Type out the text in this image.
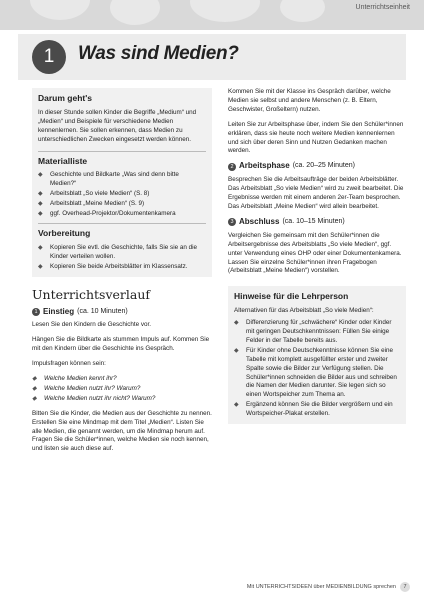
Unterrichtseinheit
1	Was sind Medien?
Darum geht's

In dieser Stunde sollen Kinder die Begriffe „Medium“ und „Medien“ und Beispiele für verschiedene Medien kennenlernen. Sie sollen erkennen, dass Medien zu unterschiedlichen Zwecken eingesetzt werden können.

Materialliste
◆ Geschichte und Bildkarte „Was sind denn bitte Medien?“
◆ Arbeitsblatt „So viele Medien“ (S. 8)
◆ Arbeitsblatt „Meine Medien“ (S. 9)
◆ ggf. Overhead-Projektor/Dokumentenkamera
Vorbereitung
◆ Kopieren Sie evtl. die Geschichte, falls Sie sie an die Kinder verteilen wollen.
◆ Kopieren Sie beide Arbeitsblätter im Klassensatz.
Unterrichtsverlauf
1 Einstieg (ca. 10 Minuten)

Lesen Sie den Kindern die Geschichte vor.

Hängen Sie die Bildkarte als stummen Impuls auf. Kommen Sie mit den Kindern über die Geschichte ins Gespräch.

Impulsfragen können sein:

◆ Welche Medien kennt ihr?
◆ Welche Medien nutzt ihr? Warum?
◆ Welche Medien nutzt ihr nicht? Warum?

Bitten Sie die Kinder, die Medien aus der Geschichte zu nennen. Erstellen Sie eine Mindmap mit dem Titel „Medien“. Listen Sie alle Medien, die genannt werden, um die Mindmap herum auf. Fragen Sie die Schüler*innen, welche Medien sie noch kennen, und listen sie auch diese auf.

Kommen Sie mit der Klasse ins Gespräch darüber, welche Medien sie selbst und andere Menschen (z. B. Eltern, Geschwister, Großeltern) nutzen.

Leiten Sie zur Arbeitsphase über, indem Sie den Schüler*innen erklären, dass sie heute noch weitere Medien kennenlernen und sich über deren Sinn und Nutzen Gedanken machen werden.

2 Arbeitsphase (ca. 20–25 Minuten)

Besprechen Sie die Arbeitsaufträge der beiden Arbeitsblätter. Das Arbeitsblatt „So viele Medien“ wird zu zweit bearbeitet. Die Ergebnisse werden mit einem anderen 2er-Team besprochen. Das Arbeitsblatt „Meine Medien“ wird allein bearbeitet.

3 Abschluss (ca. 10–15 Minuten)

Vergleichen Sie gemeinsam mit den Schüler*innen die Arbeitsergebnisse des Arbeitsblatts „So viele Medien“, ggf. unter Verwendung eines OHP oder einer Dokumentenkamera. Lassen Sie einzelne Schüler*innen ihren Fragebogen (Arbeitsblatt „Meine Medien“) vorstellen.

Hinweise für die Lehrperson

Alternativen für das Arbeitsblatt „So viele Medien“:

◆ Differenzierung für „schwächere“ Kinder oder Kinder mit geringen Deutschkenntnissen: Füllen Sie einige Felder in der Tabelle bereits aus.
◆ Für Kinder ohne Deutschkenntnisse können Sie eine Tabelle mit komplett ausgefüllter erster und zweiter Spalte sowie die Bilder zur Verfügung stellen. Die Schüler*innen schneiden die Bilder aus und schreiben die Namen der Medien darunter. Sie legen sich so einen Wortspeicher zum Thema an.
◆ Ergänzend können Sie die Bilder vergrößern und ein Wortspeicher-Plakat erstellen.
Mit UNTERRICHTSIDEEN über MEDIENBILDUNG sprechen	7
